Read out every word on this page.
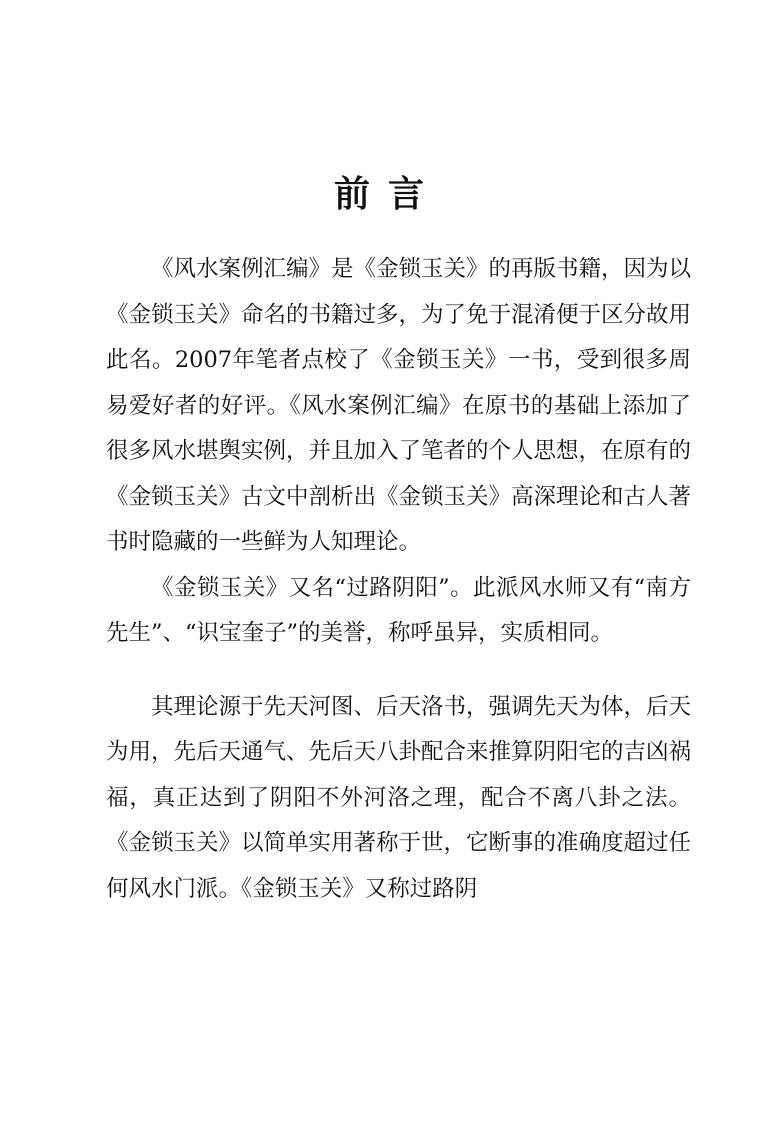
前言

《风水案例汇编》是《金锁玉关》的再版书籍，因为以《金锁玉关》命名的书籍过多，为了免于混淆便于区分故用此名。2007年笔者点校了《金锁玉关》一书，受到很多周易爱好者的好评。《风水案例汇编》在原书的基础上添加了很多风水堪舆实例，并且加入了笔者的个人思想，在原有的《金锁玉关》古文中剖析出《金锁玉关》高深理论和古人著书时隐藏的一些鲜为人知理论。

《金锁玉关》又名“过路阴阳”。此派风水师又有“南方先生”、“识宝奎子”的美誉，称呼虽异，实质相同。

其理论源于先天河图、后天洛书，强调先天为体，后天为用，先后天通气、先后天八卦配合来推算阴阳宅的吉凶祸福，真正达到了阴阳不外河洛之理，配合不离八卦之法。《金锁玉关》以简单实用著称于世，它断事的准确度超过任何风水门派。《金锁玉关》又称过路阴
